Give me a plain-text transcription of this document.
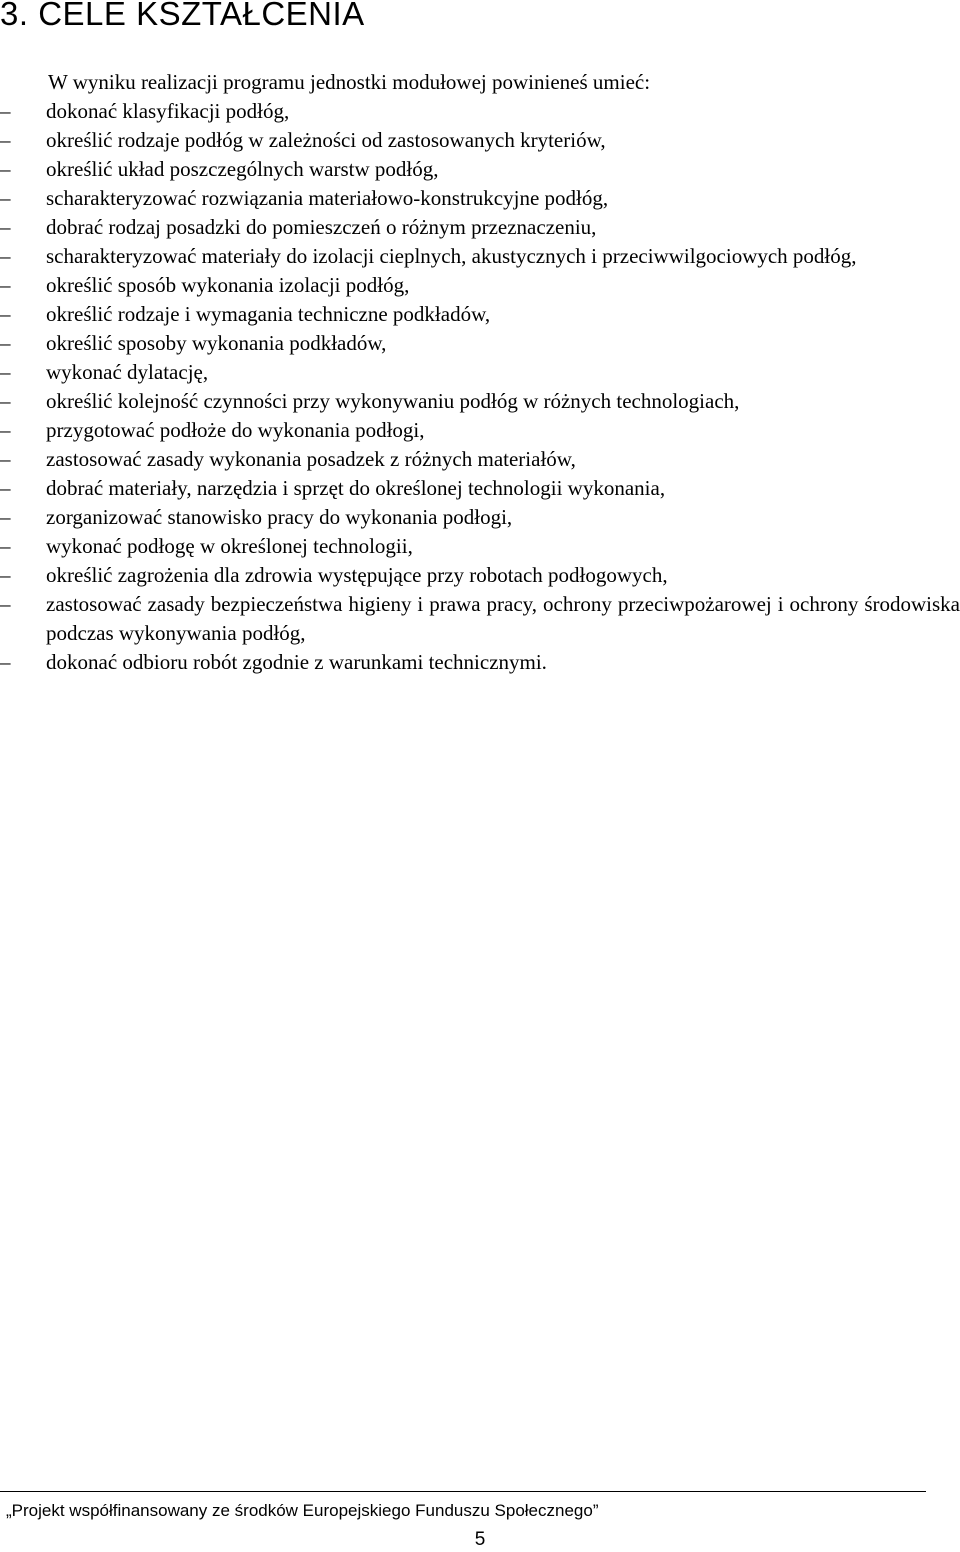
3. CELE KSZTAŁCENIA
W wyniku realizacji programu jednostki modułowej powinieneś umieć:
–	dokonać klasyfikacji podłóg,
–	określić rodzaje podłóg w zależności od zastosowanych kryteriów,
–	określić układ poszczególnych warstw podłóg,
–	scharakteryzować rozwiązania materiałowo-konstrukcyjne podłóg,
–	dobrać rodzaj posadzki do pomieszczeń o różnym przeznaczeniu,
–	scharakteryzować materiały do izolacji cieplnych, akustycznych i przeciwwilgociowych podłóg,
–	określić sposób wykonania izolacji podłóg,
–	określić rodzaje i wymagania techniczne podkładów,
–	określić sposoby wykonania podkładów,
–	wykonać dylatację,
–	określić kolejność czynności przy wykonywaniu podłóg w różnych technologiach,
–	przygotować podłoże do wykonania podłogi,
–	zastosować zasady wykonania posadzek z różnych materiałów,
–	dobrać materiały, narzędzia i sprzęt do określonej technologii wykonania,
–	zorganizować stanowisko pracy do wykonania podłogi,
–	wykonać podłogę w określonej technologii,
–	określić zagrożenia dla zdrowia występujące przy robotach podłogowych,
–	zastosować zasady bezpieczeństwa higieny i prawa pracy, ochrony przeciwpożarowej i ochrony środowiska podczas wykonywania podłóg,
–	dokonać odbioru robót zgodnie z warunkami technicznymi.
„Projekt współfinansowany ze środków Europejskiego Funduszu Społecznego”
5
